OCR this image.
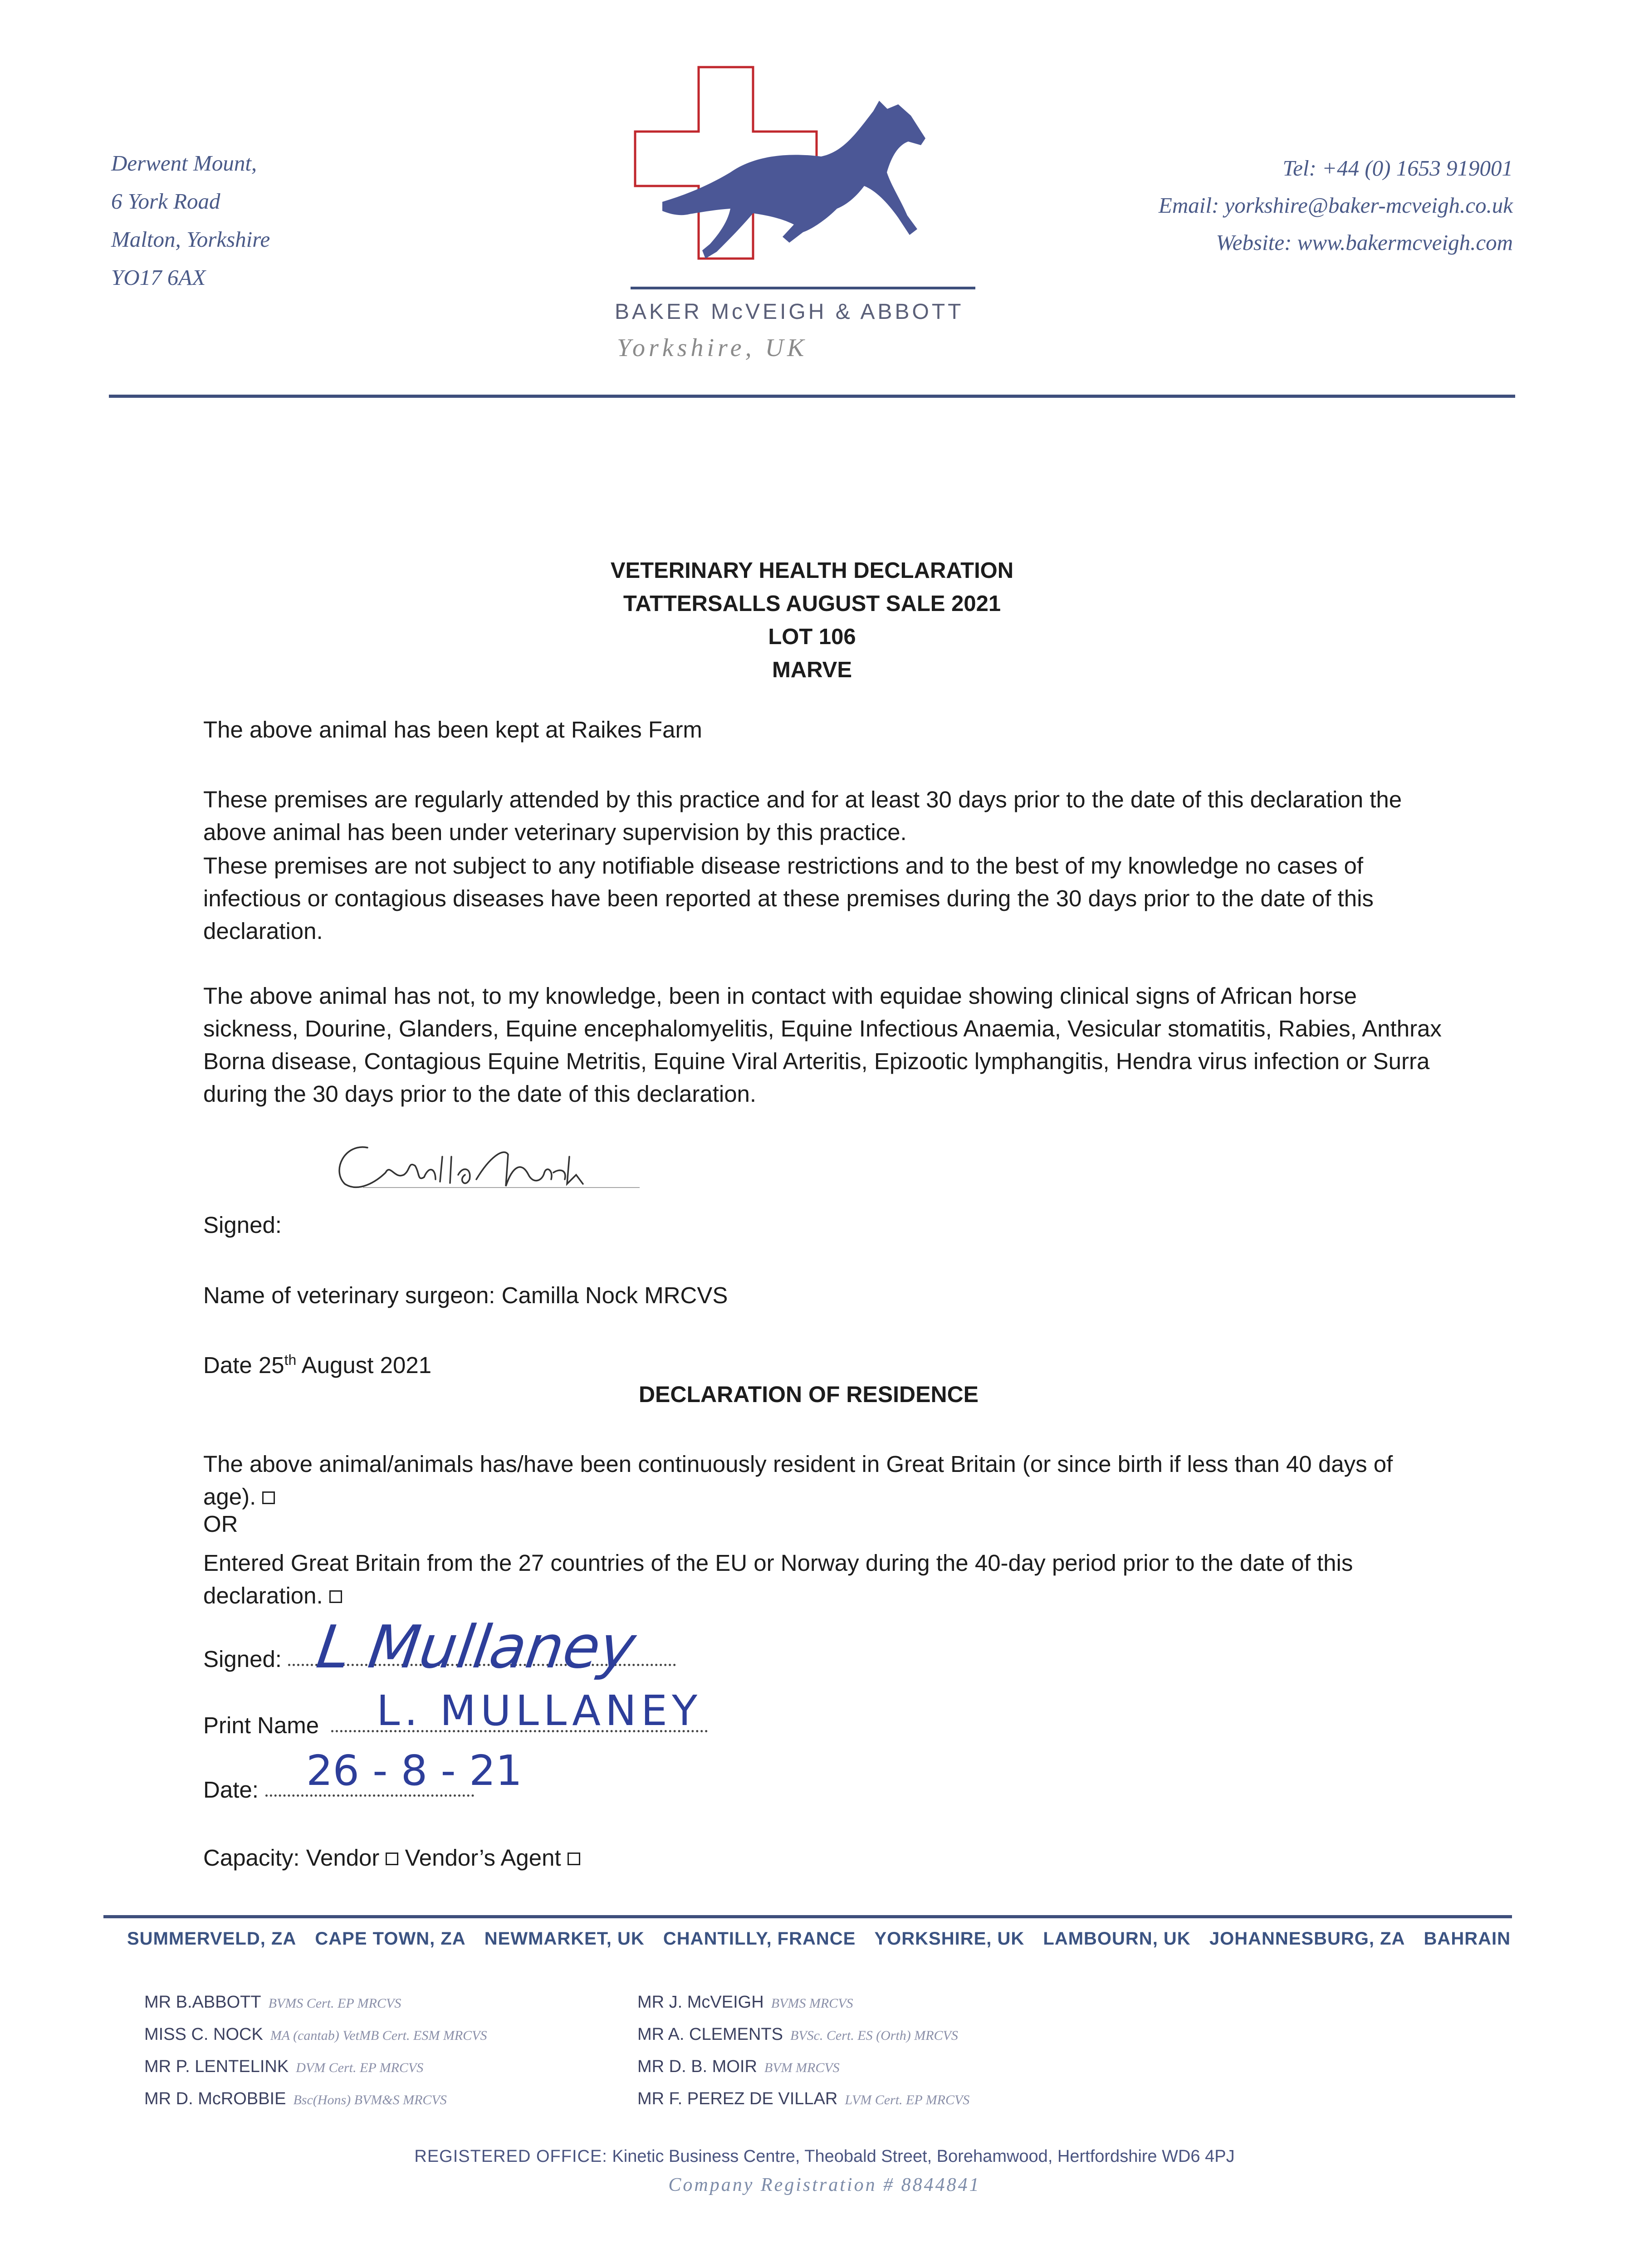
Derwent Mount,
6 York Road
Malton, Yorkshire
YO17 6AX
BAKER McVEIGH & ABBOTT
Yorkshire, UK
Tel: +44 (0) 1653 919001
Email: yorkshire@baker-mcveigh.co.uk
Website: www.bakermcveigh.com
VETERINARY HEALTH DECLARATION
TATTERSALLS AUGUST SALE 2021
LOT 106
MARVE
The above animal has been kept at Raikes Farm
These premises are regularly attended by this practice and for at least 30 days prior to the date of this declaration the above animal has been under veterinary supervision by this practice.
These premises are not subject to any notifiable disease restrictions and to the best of my knowledge no cases of infectious or contagious diseases have been reported at these premises during the 30 days prior to the date of this declaration.
The above animal has not, to my knowledge, been in contact with equidae showing clinical signs of African horse sickness, Dourine, Glanders, Equine encephalomyelitis, Equine Infectious Anaemia, Vesicular stomatitis, Rabies, Anthrax Borna disease, Contagious Equine Metritis, Equine Viral Arteritis, Epizootic lymphangitis, Hendra virus infection or Surra during the 30 days prior to the date of this declaration.
Signed:
Name of veterinary surgeon: Camilla Nock MRCVS
Date 25th August 2021
DECLARATION OF RESIDENCE
The above animal/animals has/have been continuously resident in Great Britain (or since birth if less than 40 days of age).
OR
Entered Great Britain from the 27 countries of the EU or Norway during the 40-day period prior to the date of this declaration.
Signed: L Mullaney
Print Name	L. MULLANEY
Date:	26 - 8 - 21
Capacity: Vendor Vendor’s Agent
SUMMERVELD, ZA CAPE TOWN, ZA NEWMARKET, UK CHANTILLY, FRANCE YORKSHIRE, UK LAMBOURN, UK JOHANNESBURG, ZA BAHRAIN
MR B.ABBOTT BVMS Cert. EP MRCVS
MISS C. NOCK MA (cantab) VetMB Cert. ESM MRCVS
MR P. LENTELINK DVM Cert. EP MRCVS
MR D. McROBBIE Bsc(Hons) BVM&S MRCVS
MR J. McVEIGH BVMS MRCVS
MR A. CLEMENTS BVSc. Cert. ES (Orth) MRCVS
MR D. B. MOIR BVM MRCVS
MR F. PEREZ DE VILLAR LVM Cert. EP MRCVS
REGISTERED OFFICE: Kinetic Business Centre, Theobald Street, Borehamwood, Hertfordshire WD6 4PJ
Company Registration # 8844841
